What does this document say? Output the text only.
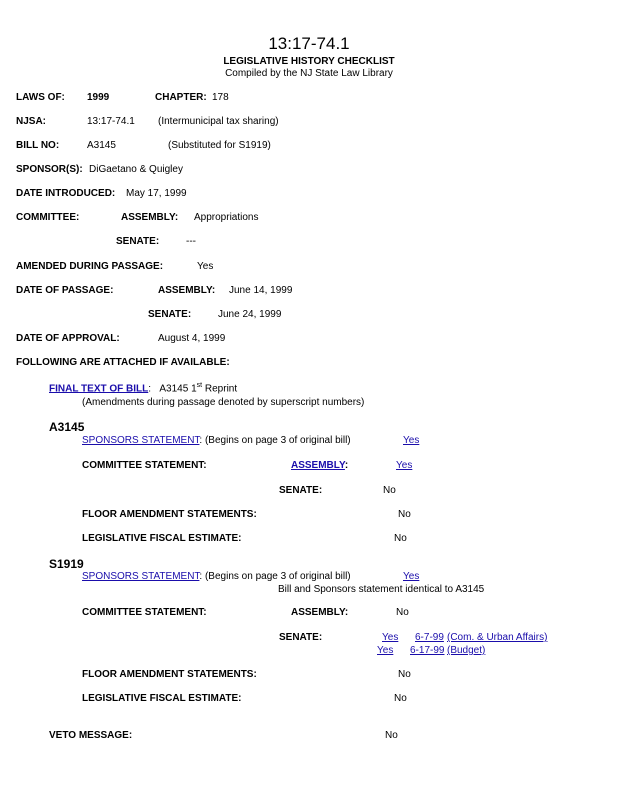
13:17-74.1
LEGISLATIVE HISTORY CHECKLIST
Compiled by the NJ State Law Library
LAWS OF: 1999	CHAPTER: 178
NJSA:	13:17-74.1 (Intermunicipal tax sharing)
BILL NO:	A3145	(Substituted for S1919)
SPONSOR(S): DiGaetano & Quigley
DATE INTRODUCED: May 17, 1999
COMMITTEE:	ASSEMBLY: Appropriations
SENATE:	---
AMENDED DURING PASSAGE:	Yes
DATE OF PASSAGE:	ASSEMBLY: June 14, 1999
SENATE:	June 24, 1999
DATE OF APPROVAL:	August 4, 1999
FOLLOWING ARE ATTACHED IF AVAILABLE:
FINAL TEXT OF BILL: A3145 1st Reprint
(Amendments during passage denoted by superscript numbers)
A3145
SPONSORS STATEMENT: (Begins on page 3 of original bill)	Yes
COMMITTEE STATEMENT:	ASSEMBLY:	Yes
SENATE:	No
FLOOR AMENDMENT STATEMENTS:	No
LEGISLATIVE FISCAL ESTIMATE:	No
S1919
SPONSORS STATEMENT: (Begins on page 3 of original bill)	Yes
Bill and Sponsors statement identical to A3145
COMMITTEE STATEMENT:	ASSEMBLY:	No
SENATE:	Yes 6-7-99 (Com. & Urban Affairs)
Yes 6-17-99 (Budget)
FLOOR AMENDMENT STATEMENTS:	No
LEGISLATIVE FISCAL ESTIMATE:	No
VETO MESSAGE:	No
